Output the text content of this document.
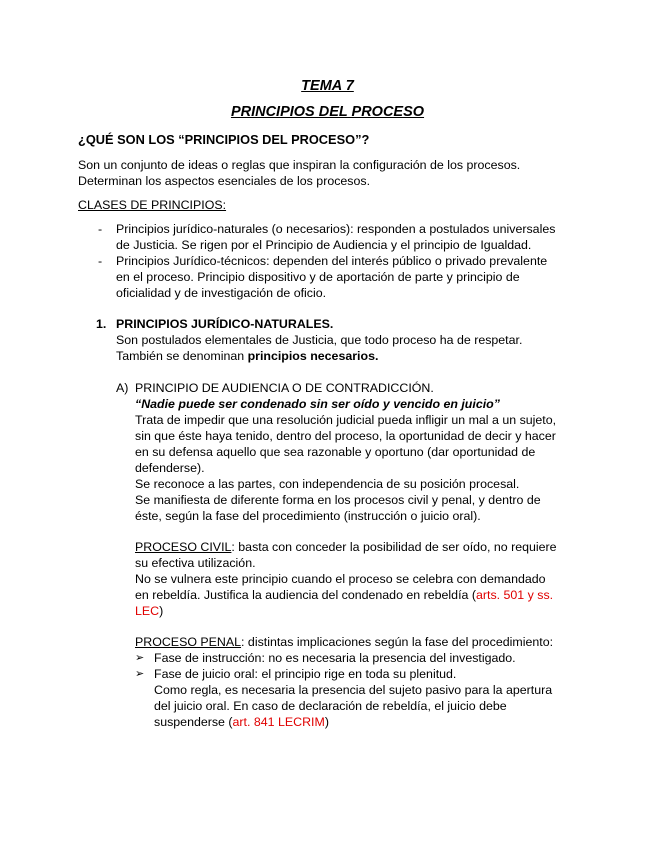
TEMA 7
PRINCIPIOS DEL PROCESO
¿QUÉ SON LOS “PRINCIPIOS DEL PROCESO”?
Son un conjunto de ideas o reglas que inspiran la configuración de los procesos.
Determinan los aspectos esenciales de los procesos.
CLASES DE PRINCIPIOS:
- Principios jurídico-naturales (o necesarios): responden a postulados universales
de Justicia. Se rigen por el Principio de Audiencia y el principio de Igualdad.
- Principios Jurídico-técnicos: dependen del interés público o privado prevalente
en el proceso. Principio dispositivo y de aportación de parte y principio de
oficialidad y de investigación de oficio.
1. PRINCIPIOS JURÍDICO-NATURALES.
Son postulados elementales de Justicia, que todo proceso ha de respetar.
También se denominan principios necesarios.
A) PRINCIPIO DE AUDIENCIA O DE CONTRADICCIÓN.
“Nadie puede ser condenado sin ser oído y vencido en juicio”
Trata de impedir que una resolución judicial pueda infligir un mal a un sujeto,
sin que éste haya tenido, dentro del proceso, la oportunidad de decir y hacer
en su defensa aquello que sea razonable y oportuno (dar oportunidad de
defenderse).
Se reconoce a las partes, con independencia de su posición procesal.
Se manifiesta de diferente forma en los procesos civil y penal, y dentro de
éste, según la fase del procedimiento (instrucción o juicio oral).
PROCESO CIVIL: basta con conceder la posibilidad de ser oído, no requiere
su efectiva utilización.
No se vulnera este principio cuando el proceso se celebra con demandado
en rebeldía. Justifica la audiencia del condenado en rebeldía (arts. 501 y ss.
LEC)
PROCESO PENAL: distintas implicaciones según la fase del procedimiento:
➢ Fase de instrucción: no es necesaria la presencia del investigado.
➢ Fase de juicio oral: el principio rige en toda su plenitud.
Como regla, es necesaria la presencia del sujeto pasivo para la apertura
del juicio oral. En caso de declaración de rebeldía, el juicio debe
suspenderse (art. 841 LECRIM)
